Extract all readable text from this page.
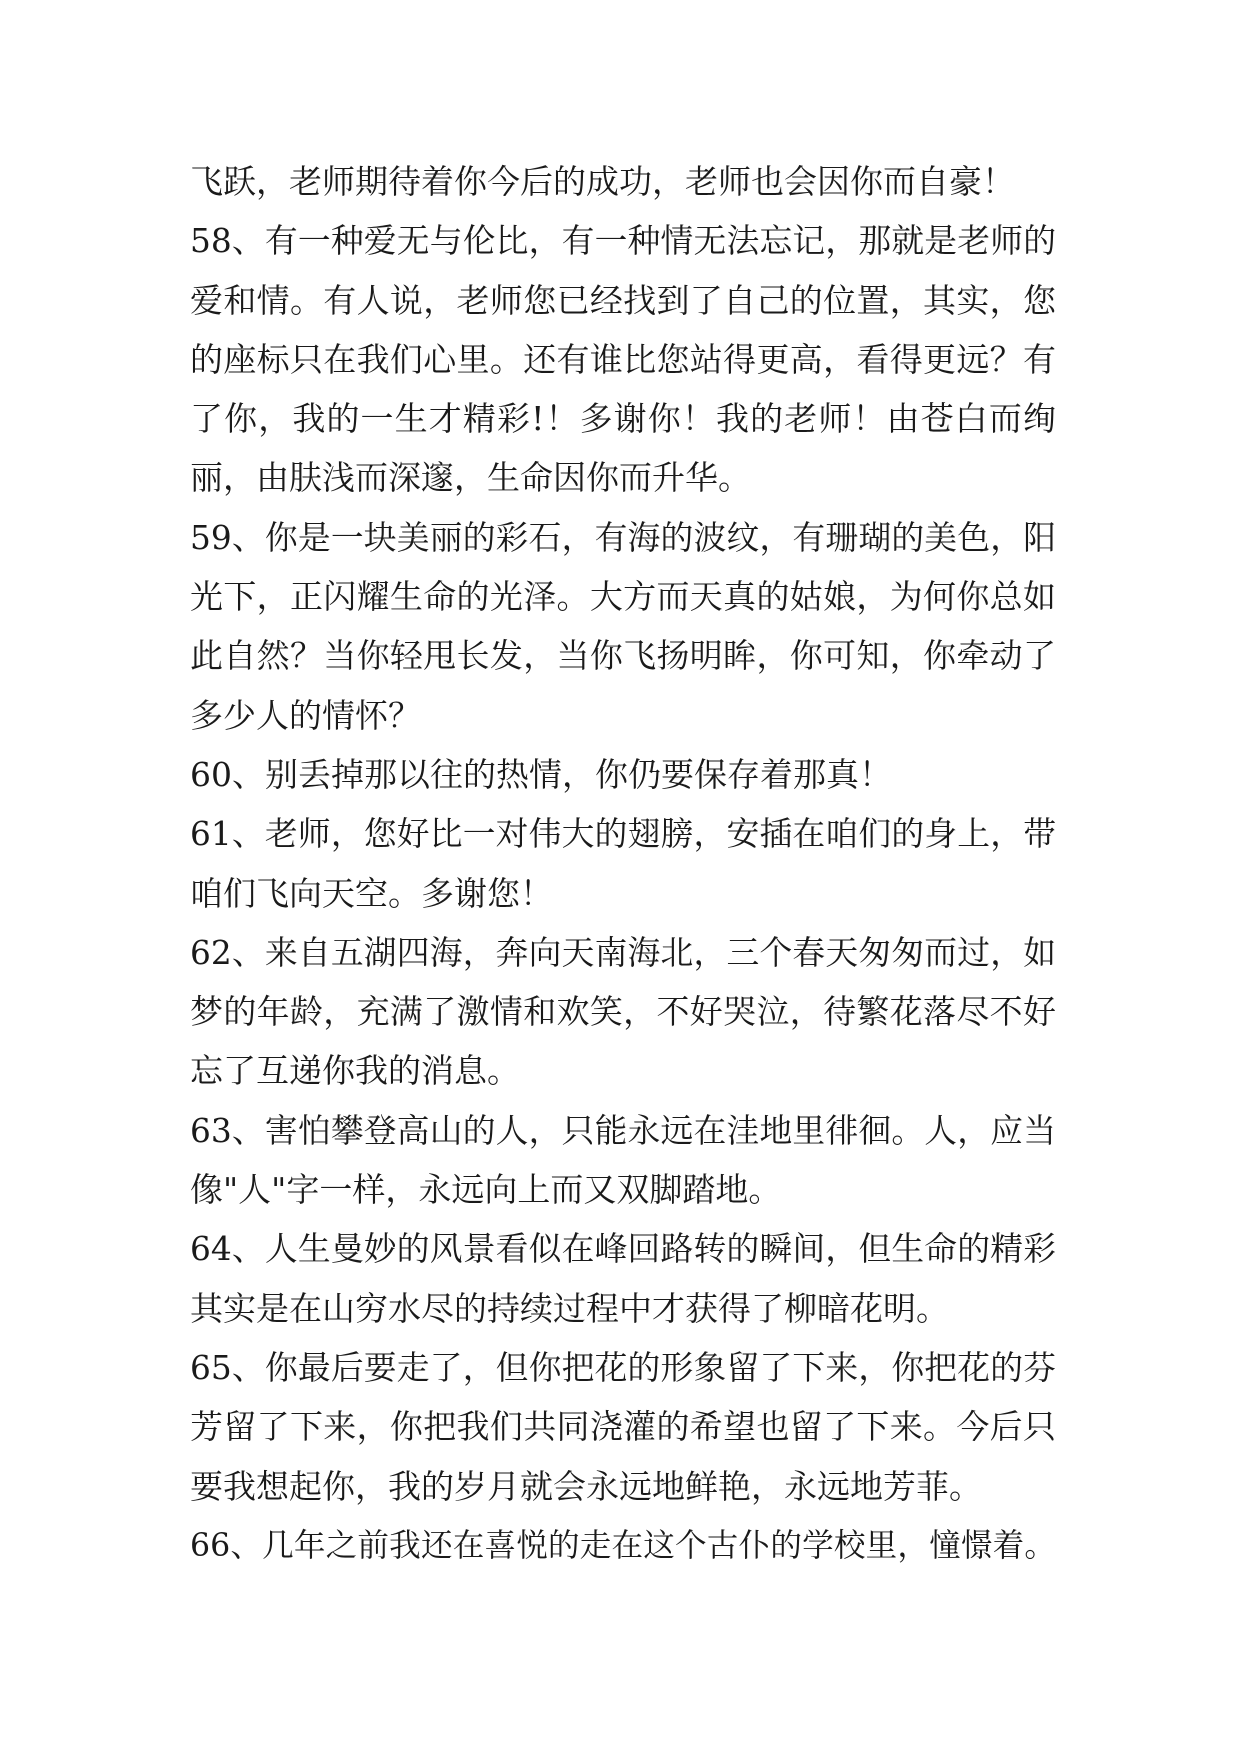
飞跃，老师期待着你今后的成功，老师也会因你而自豪！
58、有一种爱无与伦比，有一种情无法忘记，那就是老师的
爱和情。有人说，老师您已经找到了自己的位置，其实，您
的座标只在我们心里。还有谁比您站得更高，看得更远？有
了你，我的一生才精彩!！多谢你！我的老师！由苍白而绚
丽，由肤浅而深邃，生命因你而升华。
59、你是一块美丽的彩石，有海的波纹，有珊瑚的美色，阳
光下，正闪耀生命的光泽。大方而天真的姑娘，为何你总如
此自然？当你轻甩长发，当你飞扬明眸，你可知，你牵动了
多少人的情怀？
60、别丢掉那以往的热情，你仍要保存着那真！
61、老师，您好比一对伟大的翅膀，安插在咱们的身上，带
咱们飞向天空。多谢您！
62、来自五湖四海，奔向天南海北，三个春天匆匆而过，如
梦的年龄，充满了激情和欢笑，不好哭泣，待繁花落尽不好
忘了互递你我的消息。
63、害怕攀登高山的人，只能永远在洼地里徘徊。人，应当
像"人"字一样，永远向上而又双脚踏地。
64、人生曼妙的风景看似在峰回路转的瞬间，但生命的精彩
其实是在山穷水尽的持续过程中才获得了柳暗花明。
65、你最后要走了，但你把花的形象留了下来，你把花的芬
芳留了下来，你把我们共同浇灌的希望也留了下来。今后只
要我想起你，我的岁月就会永远地鲜艳，永远地芳菲。
66、几年之前我还在喜悦的走在这个古仆的学校里，憧憬着。
